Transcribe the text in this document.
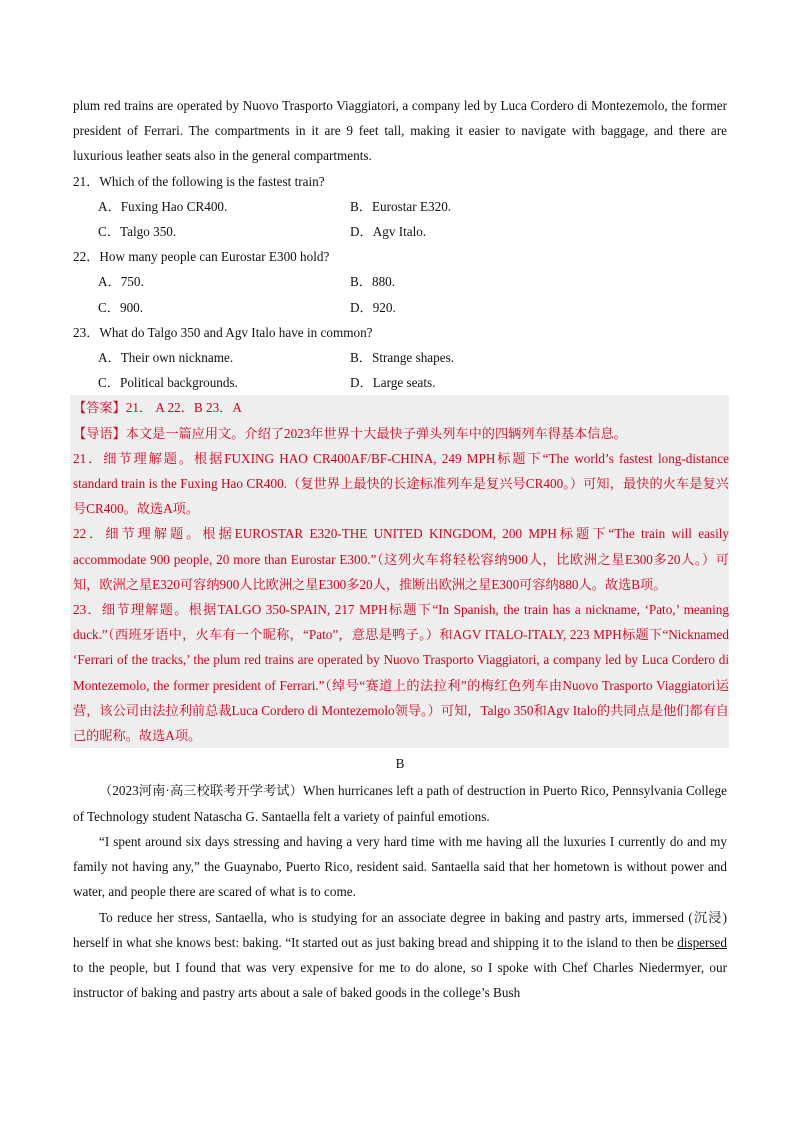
plum red trains are operated by Nuovo Trasporto Viaggiatori, a company led by Luca Cordero di Montezemolo, the former president of Ferrari. The compartments in it are 9 feet tall, making it easier to navigate with baggage, and there are luxurious leather seats also in the general compartments.

21．Which of the following is the fastest train?

A．Fuxing Hao CR400.	B．Eurostar E320.
C．Talgo 350.	D．Agv Italo.

22．How many people can Eurostar E300 hold?

A．750.	B．880.
C．900.	D．920.

23．What do Talgo 350 and Agv Italo have in common?

A．Their own nickname.	B．Strange shapes.
C．Political backgrounds.	D．Large seats.

【答案】21． A 22．B 23．A

【导语】本文是一篇应用文。介绍了2023年世界十大最快子弹头列车中的四辆列车得基本信息。

21．细节理解题。根据FUXING HAO CR400AF/BF-CHINA, 249 MPH标题下“The world’s fastest long-distance standard train is the Fuxing Hao CR400.（复世界上最快的长途标准列车是复兴号CR400。）可知，最快的火车是复兴号CR400。故选A项。

22．细节理解题。根据EUROSTAR E320-THE UNITED KINGDOM, 200 MPH标题下“The train will easily accommodate 900 people, 20 more than Eurostar E300.”（这列火车将轻松容纳900人，比欧洲之星E300多20人。）可知，欧洲之星E320可容纳900人比欧洲之星E300多20人，推断出欧洲之星E300可容纳880人。故选B项。

23．细节理解题。根据TALGO 350-SPAIN, 217 MPH标题下“In Spanish, the train has a nickname, ‘Pato,’ meaning duck.”（西班牙语中，火车有一个昵称，“Pato”，意思是鸭子。）和AGV ITALO-ITALY, 223 MPH标题下“Nicknamed ‘Ferrari of the tracks,’ the plum red trains are operated by Nuovo Trasporto Viaggiatori, a company led by Luca Cordero di Montezemolo, the former president of Ferrari.”（绰号“赛道上的法拉利”的梅红色列车由Nuovo Trasporto Viaggiatori运营，该公司由法拉利前总裁Luca Cordero di Montezemolo领导。）可知，Talgo 350和Agv Italo的共同点是他们都有自己的昵称。故选A项。

B

（2023河南·高三校联考开学考试）When hurricanes left a path of destruction in Puerto Rico, Pennsylvania College of Technology student Natascha G. Santaella felt a variety of painful emotions.

“I spent around six days stressing and having a very hard time with me having all the luxuries I currently do and my family not having any,” the Guaynabo, Puerto Rico, resident said. Santaella said that her hometown is without power and water, and people there are scared of what is to come.

To reduce her stress, Santaella, who is studying for an associate degree in baking and pastry arts, immersed (沉浸) herself in what she knows best: baking. “It started out as just baking bread and shipping it to the island to then be dispersed to the people, but I found that was very expensive for me to do alone, so I spoke with Chef Charles Niedermyer, our instructor of baking and pastry arts about a sale of baked goods in the college’s Bush
